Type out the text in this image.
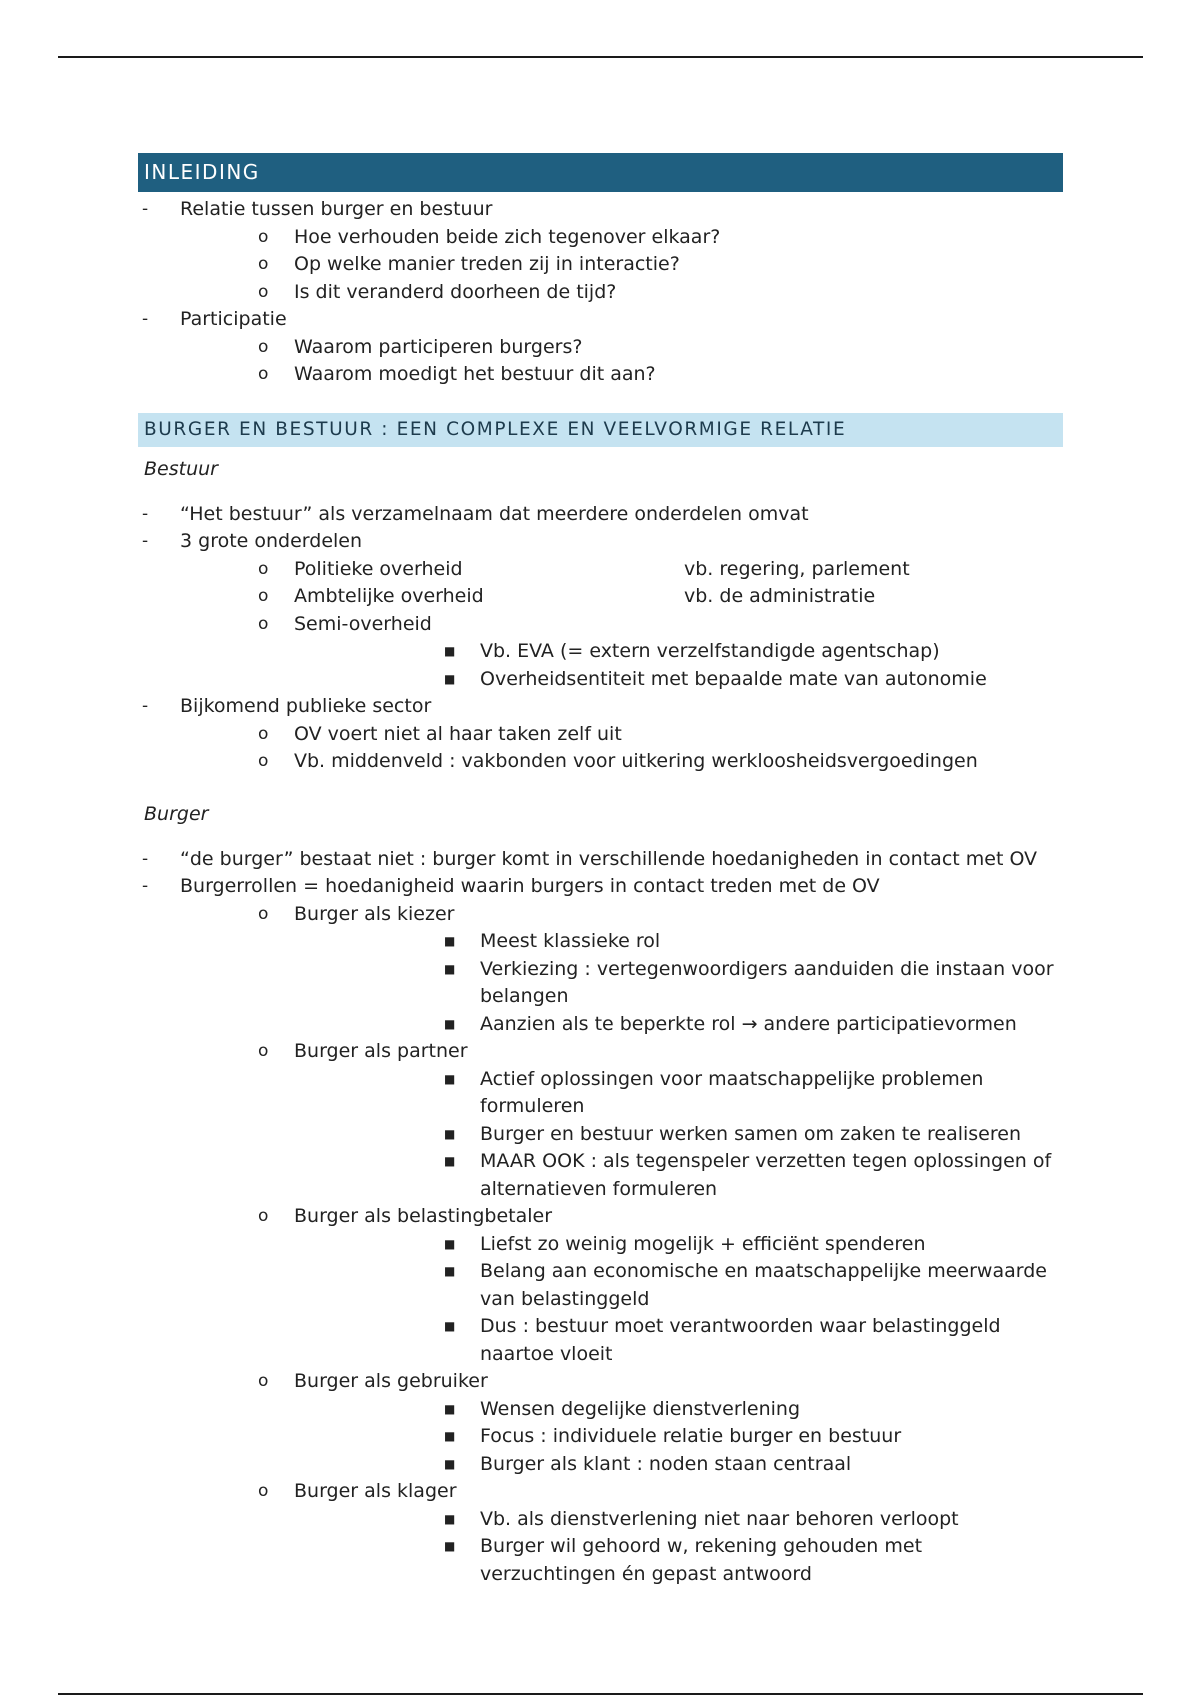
INLEIDING
- Relatie tussen burger en bestuur
o Hoe verhouden beide zich tegenover elkaar?
o Op welke manier treden zij in interactie?
o Is dit veranderd doorheen de tijd?
- Participatie
o Waarom participeren burgers?
o Waarom moedigt het bestuur dit aan?
BURGER EN BESTUUR : EEN COMPLEXE EN VEELVORMIGE RELATIE
Bestuur
- “Het bestuur” als verzamelnaam dat meerdere onderdelen omvat
- 3 grote onderdelen
o Politieke overheid	vb. regering, parlement
o Ambtelijke overheid	vb. de administratie
o Semi-overheid
■ Vb. EVA (= extern verzelfstandigde agentschap)
■ Overheidsentiteit met bepaalde mate van autonomie
- Bijkomend publieke sector
o OV voert niet al haar taken zelf uit
o Vb. middenveld : vakbonden voor uitkering werkloosheidsvergoedingen
Burger
- “de burger” bestaat niet : burger komt in verschillende hoedanigheden in contact met OV
- Burgerrollen = hoedanigheid waarin burgers in contact treden met de OV
o Burger als kiezer
■ Meest klassieke rol
■ Verkiezing : vertegenwoordigers aanduiden die instaan voor belangen
■ Aanzien als te beperkte rol → andere participatievormen
o Burger als partner
■ Actief oplossingen voor maatschappelijke problemen formuleren
■ Burger en bestuur werken samen om zaken te realiseren
■ MAAR OOK : als tegenspeler verzetten tegen oplossingen of alternatieven formuleren
o Burger als belastingbetaler
■ Liefst zo weinig mogelijk + efficiënt spenderen
■ Belang aan economische en maatschappelijke meerwaarde van belastinggeld
■ Dus : bestuur moet verantwoorden waar belastinggeld naartoe vloeit
o Burger als gebruiker
■ Wensen degelijke dienstverlening
■ Focus : individuele relatie burger en bestuur
■ Burger als klant : noden staan centraal
o Burger als klager
■ Vb. als dienstverlening niet naar behoren verloopt
■ Burger wil gehoord w, rekening gehouden met verzuchtingen én gepast antwoord
